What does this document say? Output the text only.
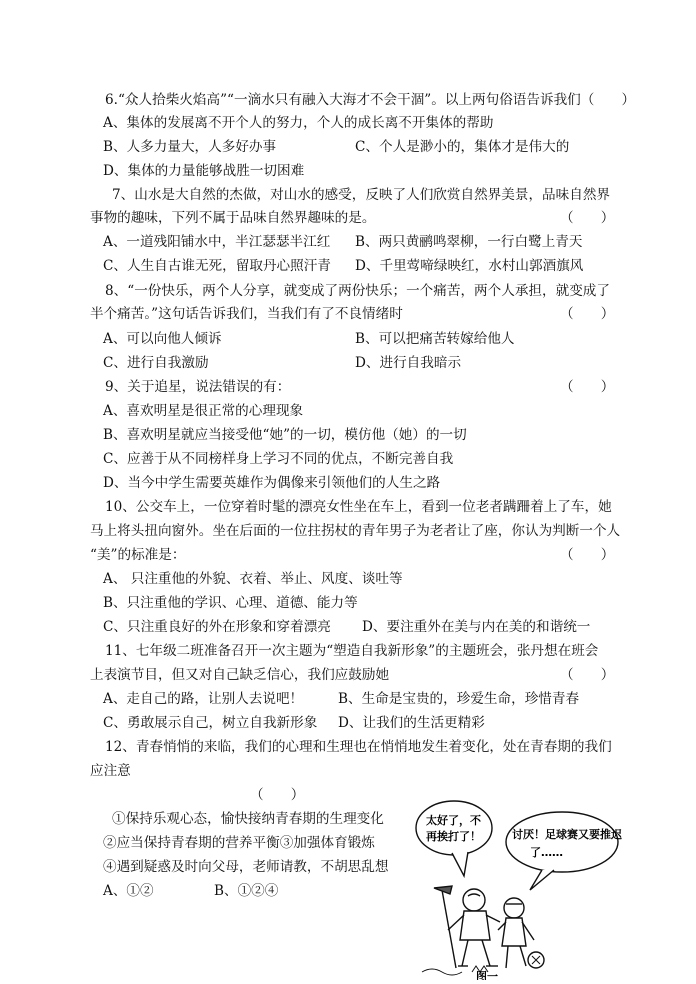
6.“众人拾柴火焰高”“一滴水只有融入大海才不会干涸”。以上两句俗语告诉我们（　　）
A、集体的发展离不开个人的努力，个人的成长离不开集体的帮助
B、人多力量大，人多好办事	C、个人是渺小的，集体才是伟大的
D、集体的力量能够战胜一切困难
7、山水是大自然的杰做，对山水的感受，反映了人们欣赏自然界美景，品味自然界
事物的趣味，下列不属于品味自然界趣味的是。	（　　）
A、一道残阳铺水中，半江瑟瑟半江红 B、两只黄鹂鸣翠柳，一行白鹭上青天
C、人生自古谁无死，留取丹心照汗青 D、千里莺啼绿映红，水村山郭酒旗风
8、“一份快乐，两个人分享，就变成了两份快乐；一个痛苦，两个人承担，就变成了
半个痛苦。”这句话告诉我们，当我们有了不良情绪时	（　　）
A、可以向他人倾诉	B、可以把痛苦转嫁给他人
C、进行自我激励	D、进行自我暗示
9、关于追星，说法错误的有：	（　　）
A、喜欢明星是很正常的心理现象
B、喜欢明星就应当接受他“她”的一切，模仿他（她）的一切
C、应善于从不同榜样身上学习不同的优点，不断完善自我
D、当今中学生需要英雄作为偶像来引领他们的人生之路
10、公交车上，一位穿着时髦的漂亮女性坐在车上，看到一位老者蹒跚着上了车，她
马上将头扭向窗外。坐在后面的一位拄拐杖的青年男子为老者让了座，你认为判断一个人
“美”的标准是：	（　　）
A、 只注重他的外貌、衣着、举止、风度、谈吐等
B、只注重他的学识、心理、道德、能力等
C、只注重良好的外在形象和穿着漂亮 D、要注重外在美与内在美的和谐统一
11、七年级二班准备召开一次主题为“塑造自我新形象”的主题班会，张丹想在班会
上表演节目，但又对自己缺乏信心，我们应鼓励她	（　　）
A、走自己的路，让别人去说吧！	B、生命是宝贵的，珍爱生命，珍惜青春
C、勇敢展示自己，树立自我新形象 D、让我们的生活更精彩
12、青春悄悄的来临，我们的心理和生理也在悄悄地发生着变化，处在青春期的我们
应注意
（　　）
①保持乐观心态，愉快接纳青春期的生理变化
②应当保持青春期的营养平衡③加强体育锻炼
④遇到疑惑及时向父母，老师请教，不胡思乱想
A、①②	B、①②④
太好了，不
再挨打了！	讨厌！足球赛又要推迟
了……
图一
